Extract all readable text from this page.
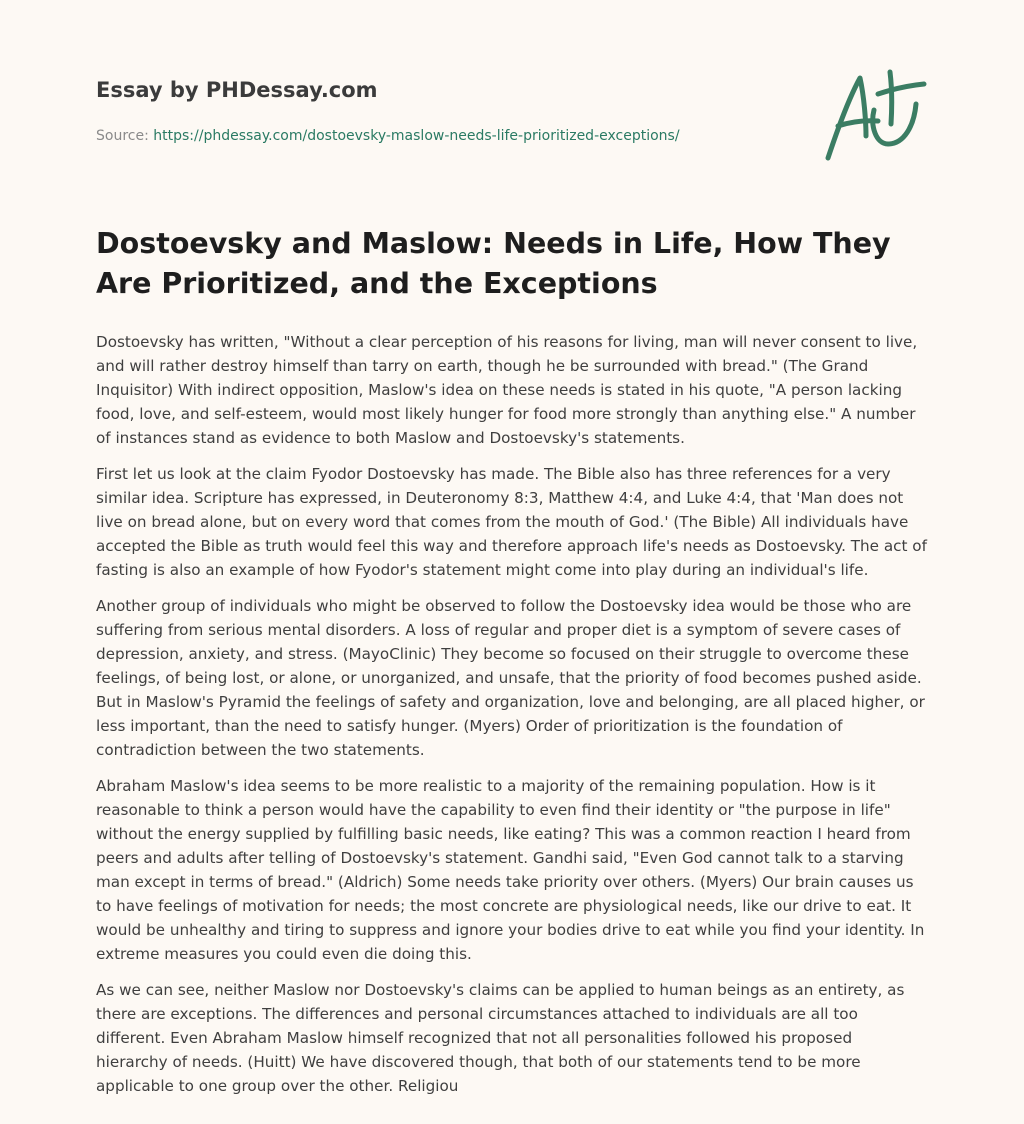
Essay by PHDessay.com
Source: https://phdessay.com/dostoevsky-maslow-needs-life-prioritized-exceptions/
Dostoevsky and Maslow: Needs in Life, How They Are Prioritized, and the Exceptions

Dostoevsky has written, "Without a clear perception of his reasons for living, man will never consent to live, and will rather destroy himself than tarry on earth, though he be surrounded with bread." (The Grand Inquisitor) With indirect opposition, Maslow's idea on these needs is stated in his quote, "A person lacking food, love, and self-esteem, would most likely hunger for food more strongly than anything else." A number of instances stand as evidence to both Maslow and Dostoevsky's statements.

First let us look at the claim Fyodor Dostoevsky has made. The Bible also has three references for a very similar idea. Scripture has expressed, in Deuteronomy 8:3, Matthew 4:4, and Luke 4:4, that 'Man does not live on bread alone, but on every word that comes from the mouth of God.' (The Bible) All individuals have accepted the Bible as truth would feel this way and therefore approach life's needs as Dostoevsky. The act of fasting is also an example of how Fyodor's statement might come into play during an individual's life.

Another group of individuals who might be observed to follow the Dostoevsky idea would be those who are suffering from serious mental disorders. A loss of regular and proper diet is a symptom of severe cases of depression, anxiety, and stress. (MayoClinic) They become so focused on their struggle to overcome these feelings, of being lost, or alone, or unorganized, and unsafe, that the priority of food becomes pushed aside. But in Maslow's Pyramid the feelings of safety and organization, love and belonging, are all placed higher, or less important, than the need to satisfy hunger. (Myers) Order of prioritization is the foundation of contradiction between the two statements.

Abraham Maslow's idea seems to be more realistic to a majority of the remaining population. How is it reasonable to think a person would have the capability to even find their identity or "the purpose in life" without the energy supplied by fulfilling basic needs, like eating? This was a common reaction I heard from peers and adults after telling of Dostoevsky's statement. Gandhi said, "Even God cannot talk to a starving man except in terms of bread." (Aldrich) Some needs take priority over others. (Myers) Our brain causes us to have feelings of motivation for needs; the most concrete are physiological needs, like our drive to eat. It would be unhealthy and tiring to suppress and ignore your bodies drive to eat while you find your identity. In extreme measures you could even die doing this.

As we can see, neither Maslow nor Dostoevsky's claims can be applied to human beings as an entirety, as there are exceptions. The differences and personal circumstances attached to individuals are all too different. Even Abraham Maslow himself recognized that not all personalities followed his proposed hierarchy of needs. (Huitt) We have discovered though, that both of our statements tend to be more applicable to one group over the other. Religiou
